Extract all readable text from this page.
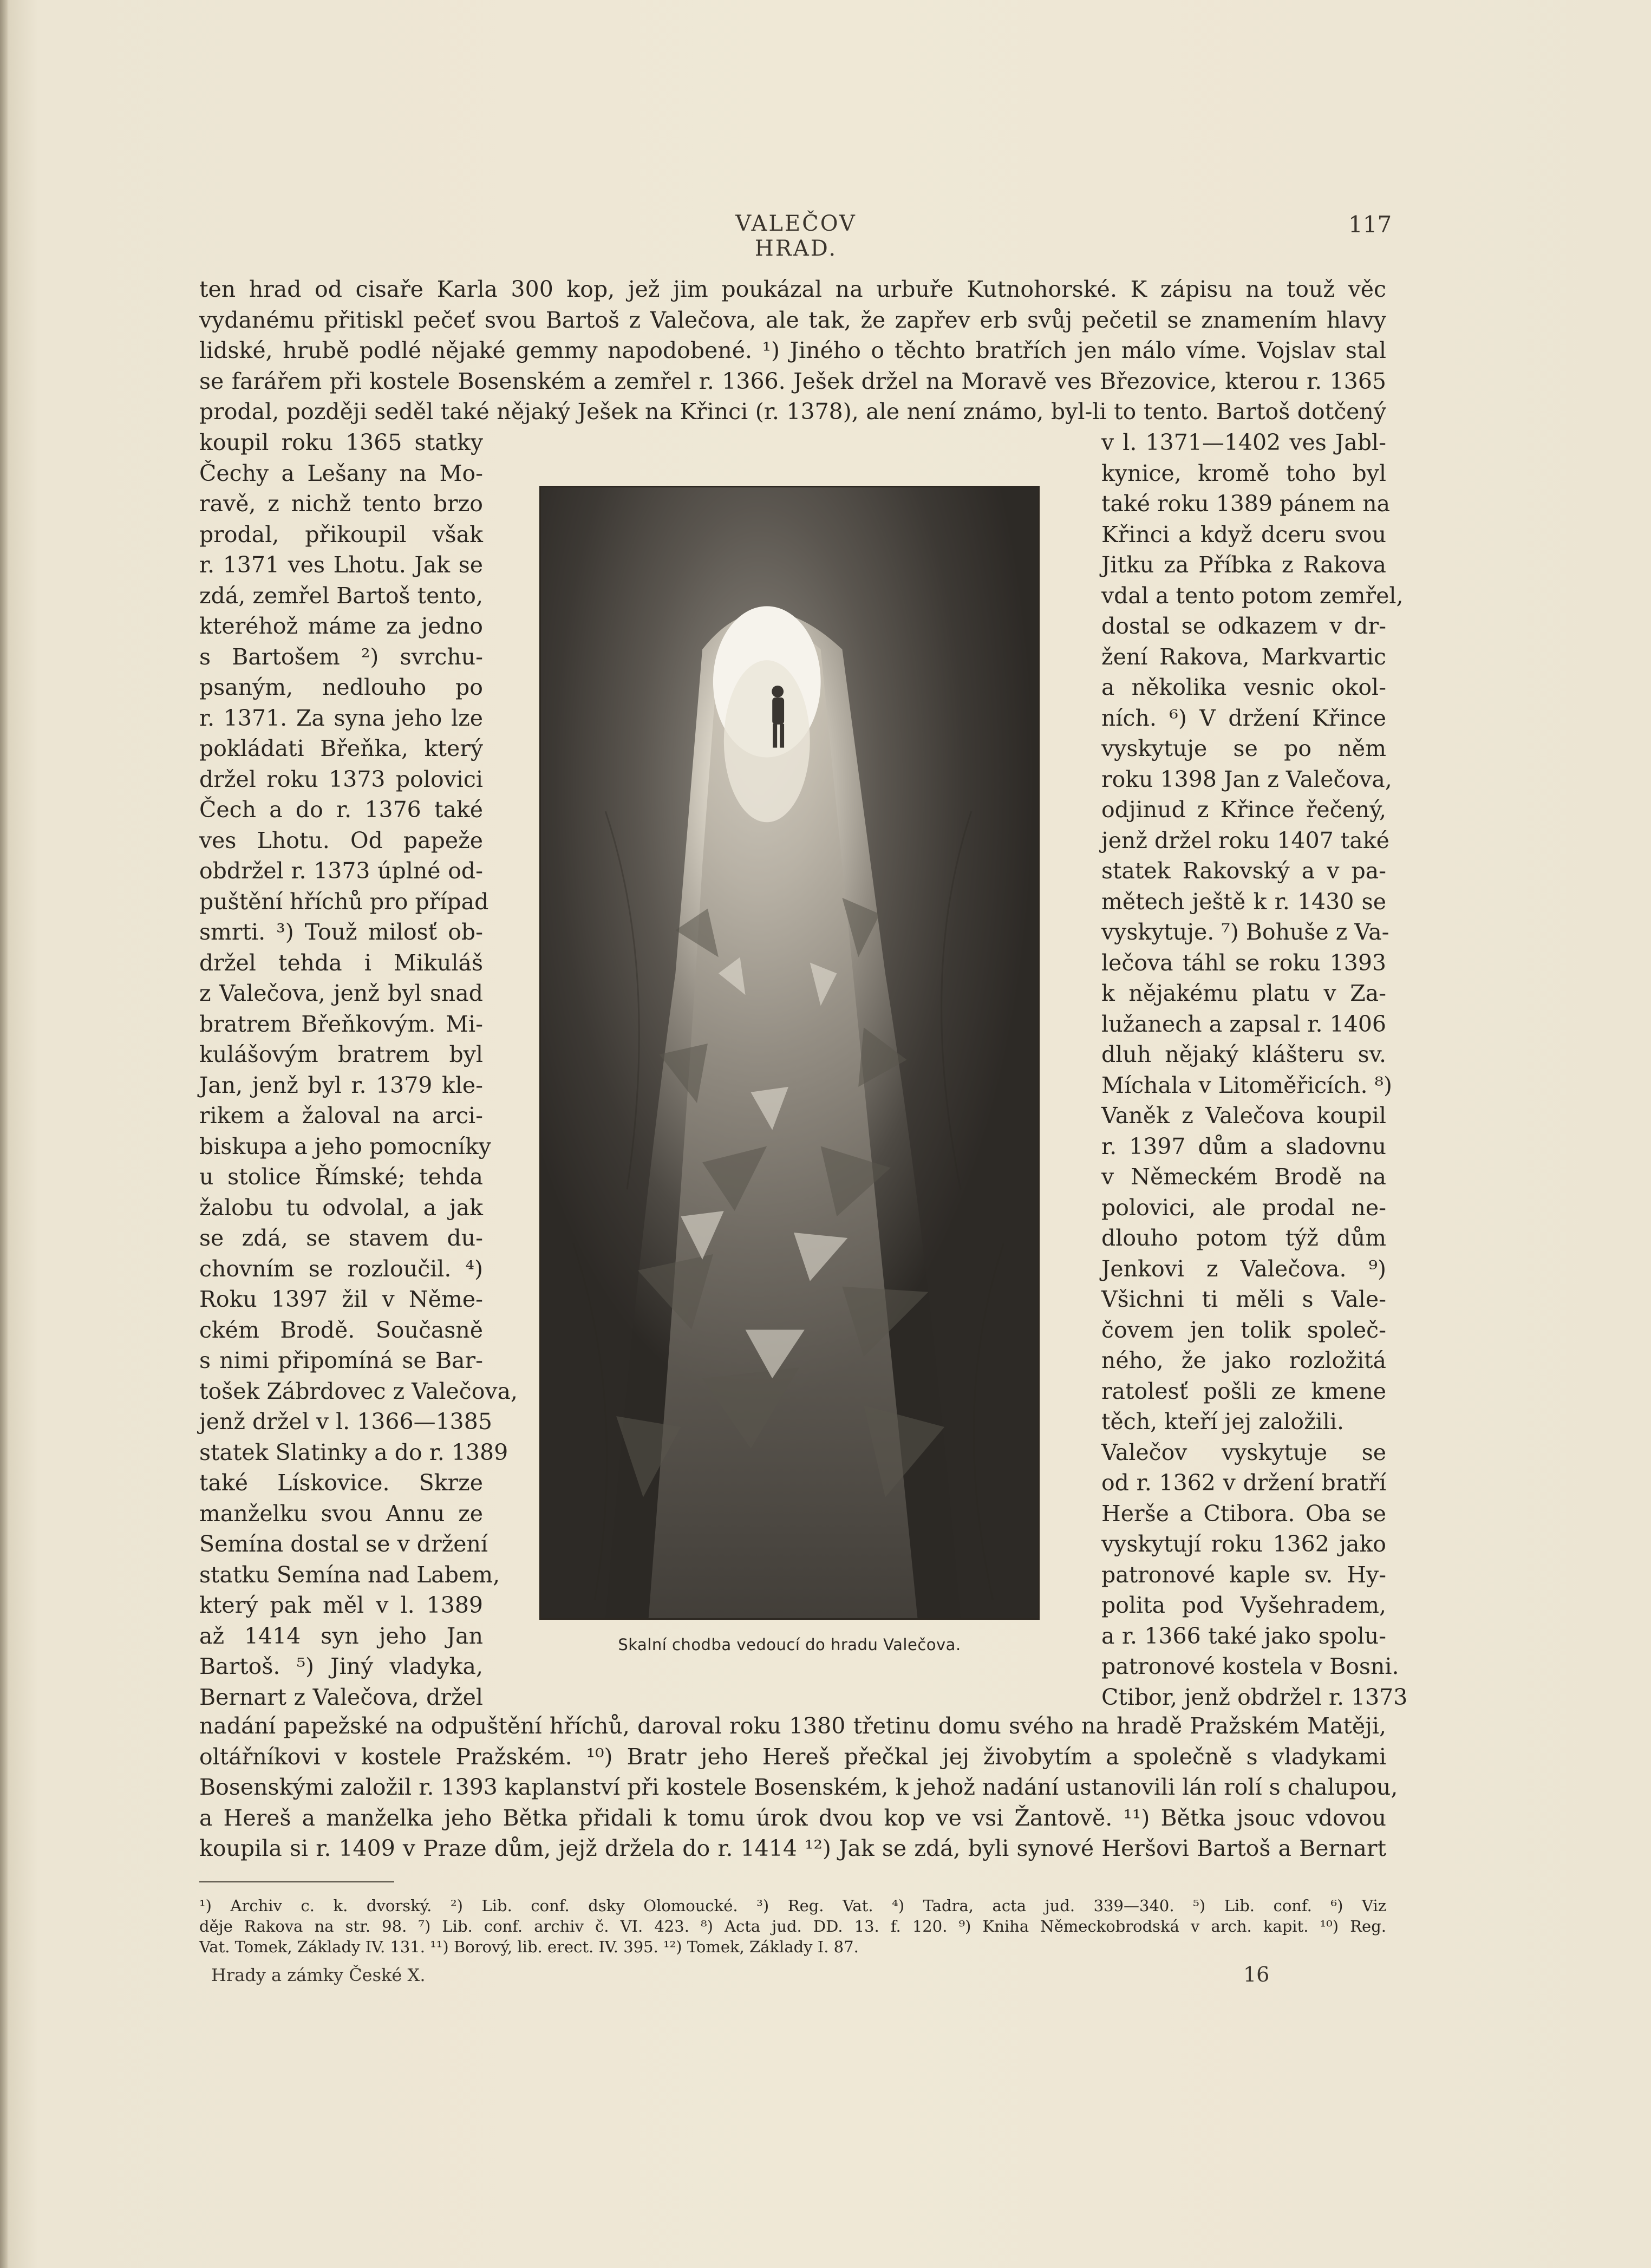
VALEČOV HRAD.
117
ten hrad od cisaře Karla 300 kop, jež jim poukázal na urbuře Kutnohorské. K zápisu na touž věc
vydanému přitiskl pečeť svou Bartoš z Valečova, ale tak, že zapřev erb svůj pečetil se znamením hlavy
lidské, hrubě podlé nějaké gemmy napodobené. ¹) Jiného o těchto bratřích jen málo víme. Vojslav stal
se farářem při kostele Bosenském a zemřel r. 1366. Ješek držel na Moravě ves Březovice, kterou r. 1365
prodal, později seděl také nějaký Ješek na Křinci (r. 1378), ale není známo, byl-li to tento. Bartoš dotčený
koupil roku 1365 statky
Čechy a Lešany na Mo-
ravě, z nichž tento brzo
prodal, přikoupil však
r. 1371 ves Lhotu. Jak se
zdá, zemřel Bartoš tento,
kteréhož máme za jedno
s Bartošem ²) svrchu-
psaným, nedlouho po
r. 1371. Za syna jeho lze
pokládati Břeňka, který
držel roku 1373 polovici
Čech a do r. 1376 také
ves Lhotu. Od papeže
obdržel r. 1373 úplné od-
puštění hříchů pro případ
smrti. ³) Touž milosť ob-
držel tehda i Mikuláš
z Valečova, jenž byl snad
bratrem Břeňkovým. Mi-
kulášovým bratrem byl
Jan, jenž byl r. 1379 kle-
rikem a žaloval na arci-
biskupa a jeho pomocníky
u stolice Římské; tehda
žalobu tu odvolal, a jak
se zdá, se stavem du-
chovním se rozloučil. ⁴)
Roku 1397 žil v Něme-
ckém Brodě. Současně
s nimi připomíná se Bar-
tošek Zábrdovec z Valečova,
jenž držel v l. 1366—1385
statek Slatinky a do r. 1389
také Lískovice. Skrze
manželku svou Annu ze
Semína dostal se v držení
statku Semína nad Labem,
který pak měl v l. 1389
až 1414 syn jeho Jan
Bartoš. ⁵) Jiný vladyka,
Bernart z Valečova, držel
v l. 1371—1402 ves Jabl-
kynice, kromě toho byl
také roku 1389 pánem na
Křinci a když dceru svou
Jitku za Příbka z Rakova
vdal a tento potom zemřel,
dostal se odkazem v dr-
žení Rakova, Markvartic
a několika vesnic okol-
ních. ⁶) V držení Křince
vyskytuje se po něm
roku 1398 Jan z Valečova,
odjinud z Křince řečený,
jenž držel roku 1407 také
statek Rakovský a v pa-
mětech ještě k r. 1430 se
vyskytuje. ⁷) Bohuše z Va-
lečova táhl se roku 1393
k nějakému platu v Za-
lužanech a zapsal r. 1406
dluh nějaký klášteru sv.
Míchala v Litoměřicích. ⁸)
Vaněk z Valečova koupil
r. 1397 dům a sladovnu
v Německém Brodě na
polovici, ale prodal ne-
dlouho potom týž dům
Jenkovi z Valečova. ⁹)
Všichni ti měli s Vale-
čovem jen tolik společ-
ného, že jako rozložitá
ratolesť pošli ze kmene
těch, kteří jej založili.
Valečov vyskytuje se
od r. 1362 v držení bratří
Herše a Ctibora. Oba se
vyskytují roku 1362 jako
patronové kaple sv. Hy-
polita pod Vyšehradem,
a r. 1366 také jako spolu-
patronové kostela v Bosni.
Ctibor, jenž obdržel r. 1373
Skalní chodba vedoucí do hradu Valečova.
nadání papežské na odpuštění hříchů, daroval roku 1380 třetinu domu svého na hradě Pražském Matěji,
oltářníkovi v kostele Pražském. ¹⁰) Bratr jeho Hereš přečkal jej živobytím a společně s vladykami
Bosenskými založil r. 1393 kaplanství při kostele Bosenském, k jehož nadání ustanovili lán rolí s chalupou,
a Hereš a manželka jeho Bětka přidali k tomu úrok dvou kop ve vsi Žantově. ¹¹) Bětka jsouc vdovou
koupila si r. 1409 v Praze dům, jejž držela do r. 1414 ¹²) Jak se zdá, byli synové Heršovi Bartoš a Bernart
¹) Archiv c. k. dvorský. ²) Lib. conf. dsky Olomoucké. ³) Reg. Vat. ⁴) Tadra, acta jud. 339—340. ⁵) Lib. conf. ⁶) Viz
děje Rakova na str. 98. ⁷) Lib. conf. archiv č. VI. 423. ⁸) Acta jud. DD. 13. f. 120. ⁹) Kniha Německobrodská v arch. kapit. ¹⁰) Reg.
Vat. Tomek, Základy IV. 131. ¹¹) Borový, lib. erect. IV. 395. ¹²) Tomek, Základy I. 87.
Hrady a zámky České X.	16
